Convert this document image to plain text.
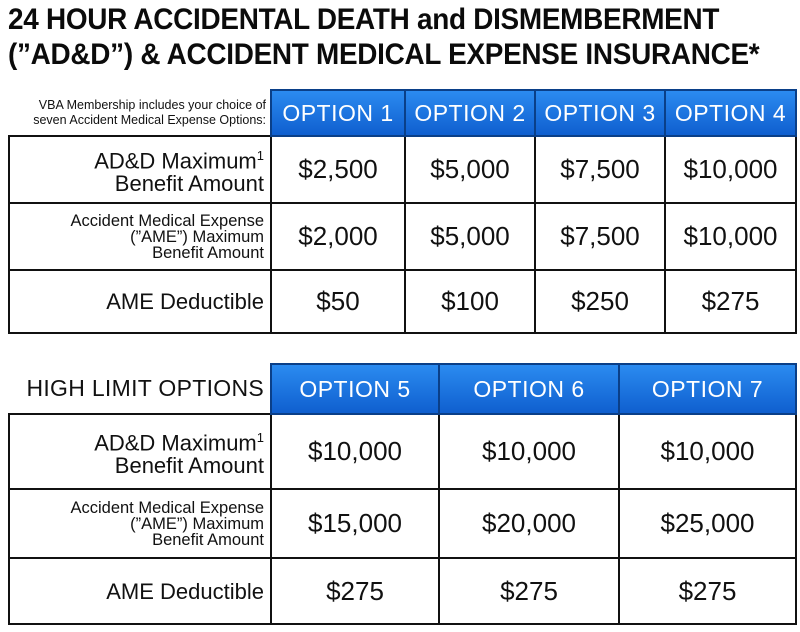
24 HOUR ACCIDENTAL DEATH and DISMEMBERMENT
(”AD&D”) & ACCIDENT MEDICAL EXPENSE INSURANCE*
VBA Membership includes your choice of
seven Accident Medical Expense Options:	OPTION 1	OPTION 2	OPTION 3	OPTION 4
AD&D Maximum$^1$
Benefit Amount	$2,500	$5,000	$7,500	$10,000
Accident Medical Expense
(”AME”) Maximum
Benefit Amount	$2,000	$5,000	$7,500	$10,000
AME Deductible	$50	$100	$250	$275
HIGH LIMIT OPTIONS	OPTION 5	OPTION 6	OPTION 7
AD&D Maximum$^1$
Benefit Amount	$10,000	$10,000	$10,000
Accident Medical Expense
(”AME”) Maximum
Benefit Amount	$15,000	$20,000	$25,000
AME Deductible	$275	$275	$275
